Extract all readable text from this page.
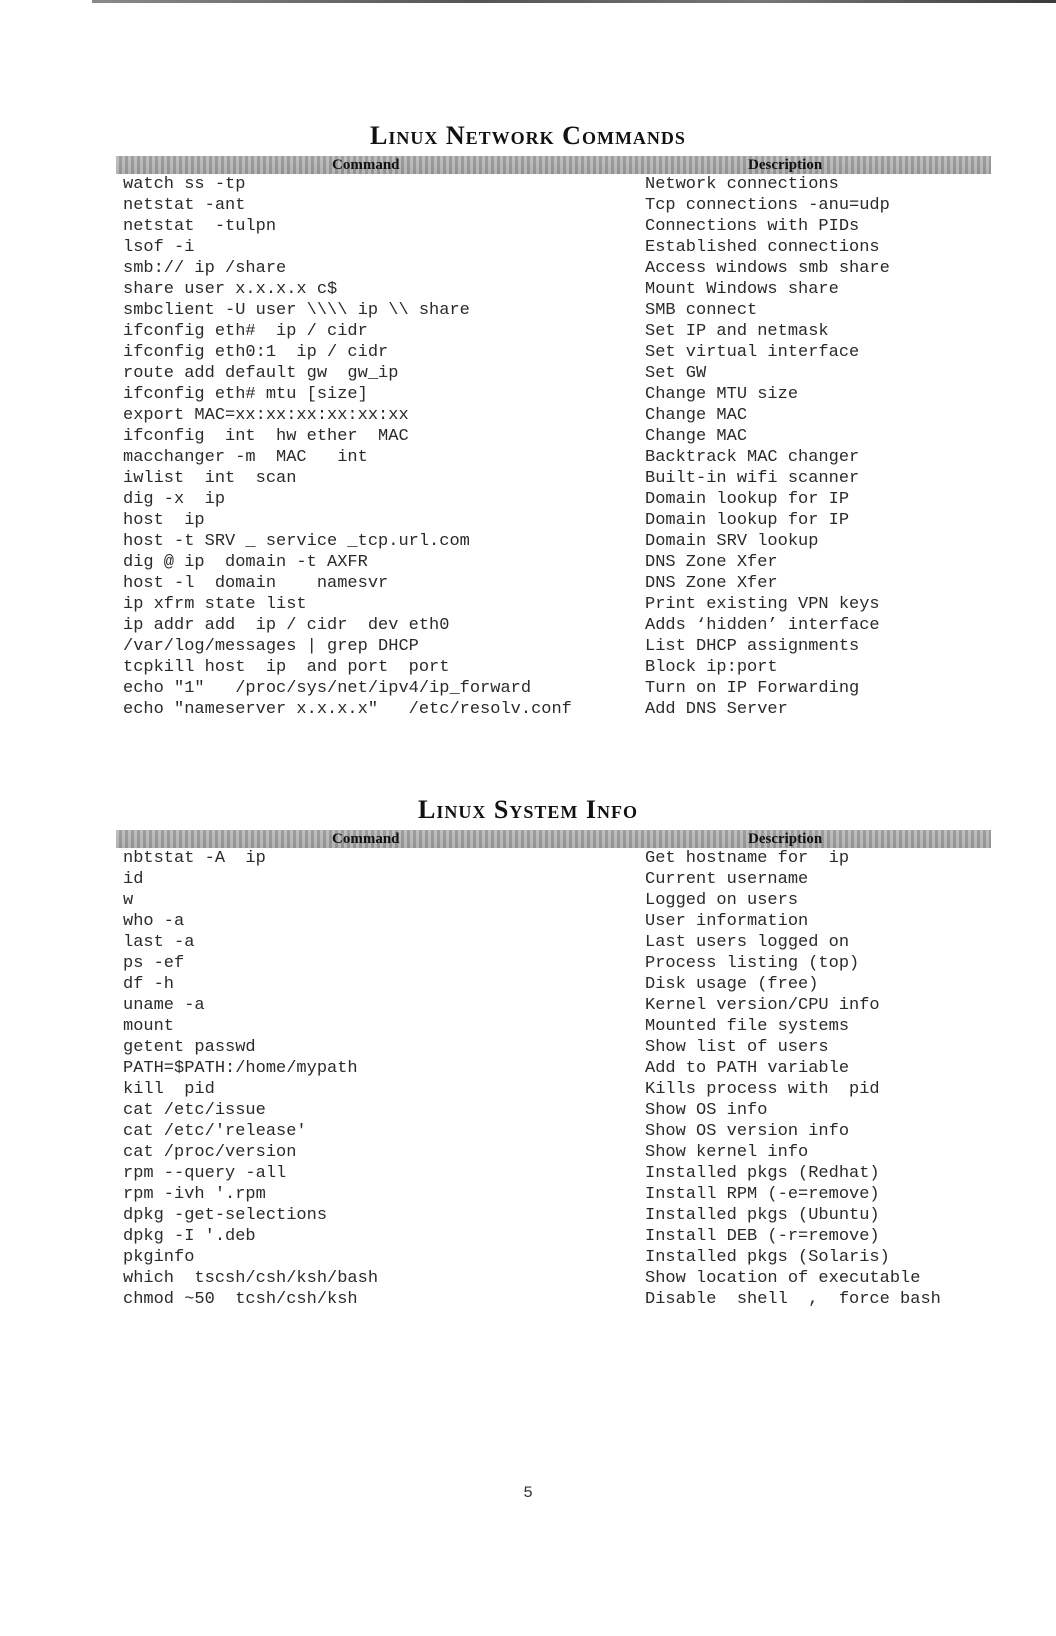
Linux Network Commands
Command	Description
watch ss -tp	Network connections
netstat -ant	Tcp connections -anu=udp
netstat  -tulpn	Connections with PIDs
lsof -i	Established connections
smb:// ip /share	Access windows smb share
share user x.x.x.x c$	Mount Windows share
smbclient -U user \\\\ ip \\ share	SMB connect
ifconfig eth#  ip / cidr	Set IP and netmask
ifconfig eth0:1  ip / cidr	Set virtual interface
route add default gw  gw_ip	Set GW
ifconfig eth# mtu [size]	Change MTU size
export MAC=xx:xx:xx:xx:xx:xx	Change MAC
ifconfig  int  hw ether  MAC	Change MAC
macchanger -m  MAC   int	Backtrack MAC changer
iwlist  int  scan	Built-in wifi scanner
dig -x  ip	Domain lookup for IP
host  ip	Domain lookup for IP
host -t SRV _ service _tcp.url.com	Domain SRV lookup
dig @ ip  domain -t AXFR	DNS Zone Xfer
host -l  domain    namesvr	DNS Zone Xfer
ip xfrm state list	Print existing VPN keys
ip addr add  ip / cidr  dev eth0	Adds ‘hidden’ interface
/var/log/messages | grep DHCP	List DHCP assignments
tcpkill host  ip  and port  port	Block ip:port
echo "1"   /proc/sys/net/ipv4/ip_forward	Turn on IP Forwarding
echo "nameserver x.x.x.x"   /etc/resolv.conf	Add DNS Server
Linux System Info
Command	Description
nbtstat -A  ip	Get hostname for  ip
id	Current username
w	Logged on users
who -a	User information
last -a	Last users logged on
ps -ef	Process listing (top)
df -h	Disk usage (free)
uname -a	Kernel version/CPU info
mount	Mounted file systems
getent passwd	Show list of users
PATH=$PATH:/home/mypath	Add to PATH variable
kill  pid	Kills process with  pid
cat /etc/issue	Show OS info
cat /etc/'release'	Show OS version info
cat /proc/version	Show kernel info
rpm --query -all	Installed pkgs (Redhat)
rpm -ivh '.rpm	Install RPM (-e=remove)
dpkg -get-selections	Installed pkgs (Ubuntu)
dpkg -I '.deb	Install DEB (-r=remove)
pkginfo	Installed pkgs (Solaris)
which  tscsh/csh/ksh/bash	Show location of executable
chmod ~50  tcsh/csh/ksh	Disable  shell  ,  force bash
5
